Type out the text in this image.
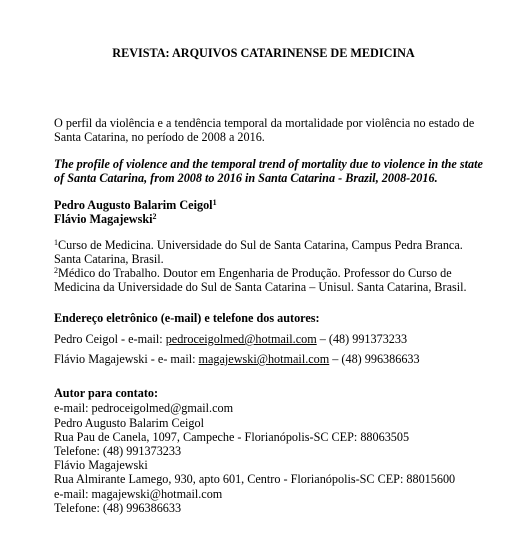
REVISTA: ARQUIVOS CATARINENSE DE MEDICINA
O perfil da violência e a tendência temporal da mortalidade por violência no estado de
Santa Catarina, no período de 2008 a 2016.
The profile of violence and the temporal trend of mortality due to violence in the state
of Santa Catarina, from 2008 to 2016 in Santa Catarina - Brazil, 2008-2016.
Pedro Augusto Balarim Ceigol$^1$
Flávio Magajewski$^2$
$^1$Curso de Medicina. Universidade do Sul de Santa Catarina, Campus Pedra Branca.
Santa Catarina, Brasil.
$^2$Médico do Trabalho. Doutor em Engenharia de Produção. Professor do Curso de
Medicina da Universidade do Sul de Santa Catarina – Unisul. Santa Catarina, Brasil.
Endereço eletrônico (e-mail) e telefone dos autores:
Pedro Ceigol - e-mail: pedroceigolmed@hotmail.com – (48) 991373233
Flávio Magajewski - e- mail: magajewski@hotmail.com – (48) 996386633
Autor para contato:
e-mail: pedroceigolmed@gmail.com
Pedro Augusto Balarim Ceigol
Rua Pau de Canela, 1097, Campeche - Florianópolis-SC CEP: 88063505
Telefone: (48) 991373233
Flávio Magajewski
Rua Almirante Lamego, 930, apto 601, Centro - Florianópolis-SC CEP: 88015600
e-mail: magajewski@hotmail.com
Telefone: (48) 996386633
